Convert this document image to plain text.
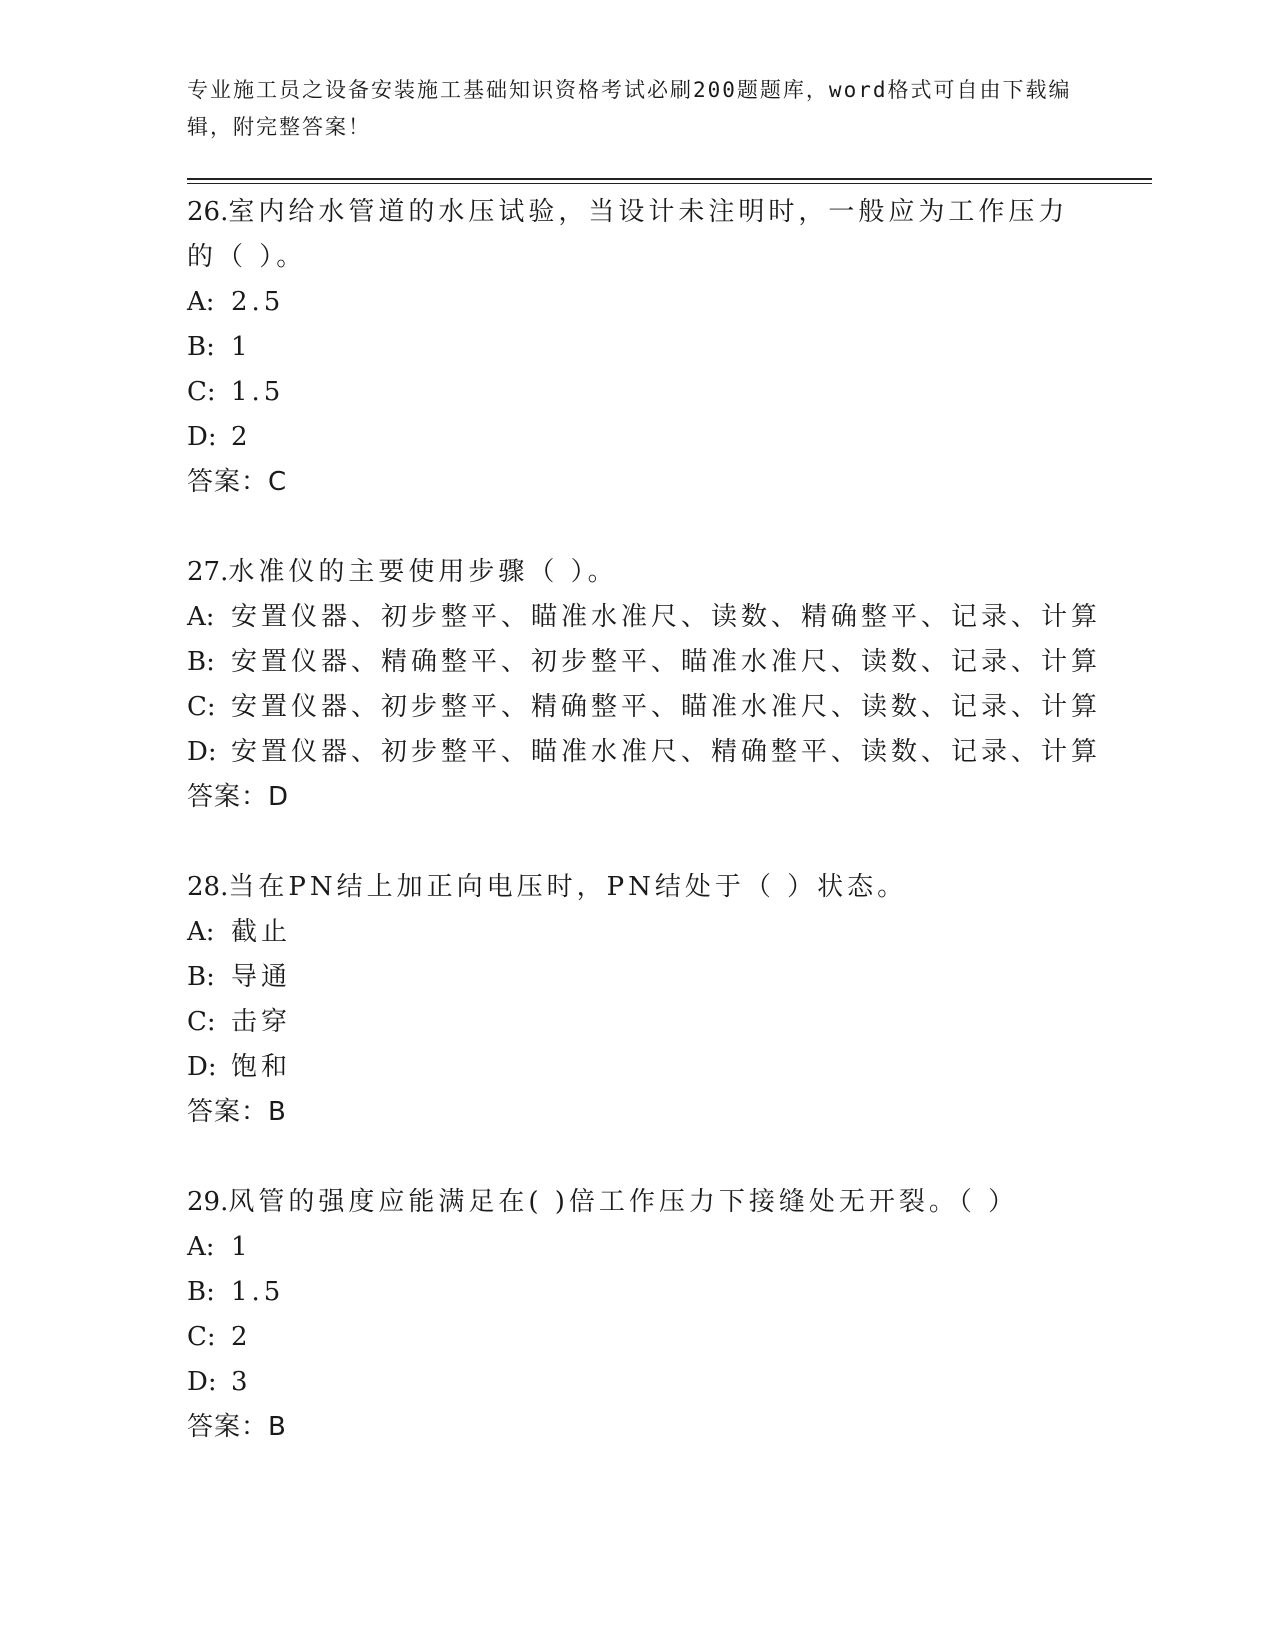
专业施工员之设备安装施工基础知识资格考试必刷200题题库，word格式可自由下载编辑，附完整答案！
26.室内给水管道的水压试验，当设计未注明时，一般应为工作压力的（ ）。
A: 2.5
B: 1
C: 1.5
D: 2
答案：C
27.水准仪的主要使用步骤（ ）。
A: 安置仪器、初步整平、瞄准水准尺、读数、精确整平、记录、计算
B: 安置仪器、精确整平、初步整平、瞄准水准尺、读数、记录、计算
C: 安置仪器、初步整平、精确整平、瞄准水准尺、读数、记录、计算
D: 安置仪器、初步整平、瞄准水准尺、精确整平、读数、记录、计算
答案：D
28.当在PN结上加正向电压时，PN结处于（ ）状态。
A: 截止
B: 导通
C: 击穿
D: 饱和
答案：B
29.风管的强度应能满足在( )倍工作压力下接缝处无开裂。（ ）
A: 1
B: 1.5
C: 2
D: 3
答案：B
